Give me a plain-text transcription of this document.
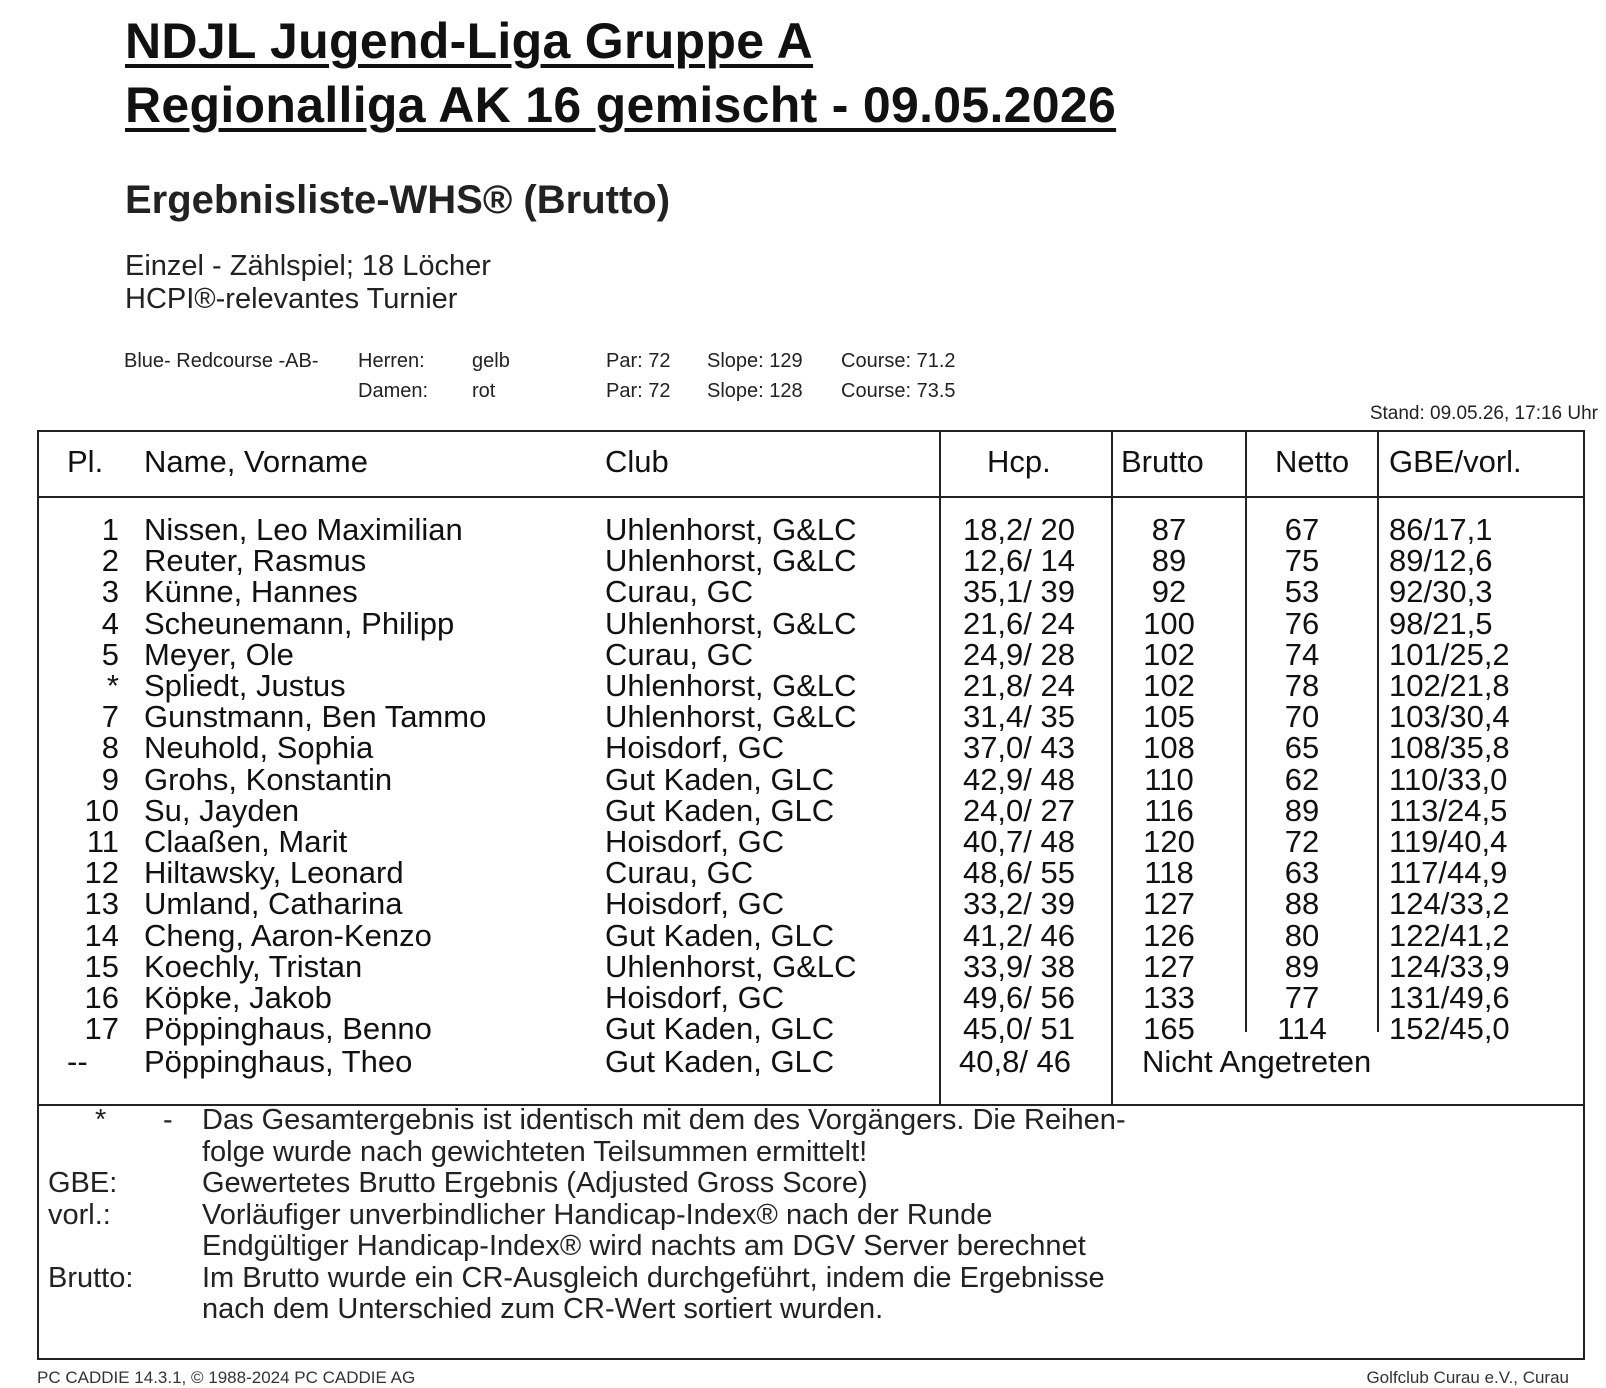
NDJL Jugend-Liga Gruppe A
Regionalliga AK 16 gemischt - 09.05.2026
Ergebnisliste-WHS® (Brutto)
Einzel - Zählspiel; 18 Löcher
HCPI®-relevantes Turnier
Blue- Redcourse -AB- Herren: gelb	Par: 72 Slope: 129 Course: 71.2
Damen: rot	Par: 72 Slope: 128 Course: 73.5
Stand: 09.05.26, 17:16 Uhr
Pl. Name, Vorname	Club	Hcp. Brutto Netto GBE/vorl.
1 Nissen, Leo Maximilian	Uhlenhorst, G&LC	18,2/ 20 87	67 86/17,1
2 Reuter, Rasmus	Uhlenhorst, G&LC	12,6/ 14 89	75 89/12,6
3 Künne, Hannes	Curau, GC	35,1/ 39 92	53 92/30,3
4 Scheunemann, Philipp	Uhlenhorst, G&LC	21,6/ 24 100	76 98/21,5
5 Meyer, Ole	Curau, GC	24,9/ 28 102	74 101/25,2
* Spliedt, Justus	Uhlenhorst, G&LC	21,8/ 24 102	78 102/21,8
7 Gunstmann, Ben Tammo	Uhlenhorst, G&LC	31,4/ 35 105	70 103/30,4
8 Neuhold, Sophia	Hoisdorf, GC	37,0/ 43 108	65 108/35,8
9 Grohs, Konstantin	Gut Kaden, GLC	42,9/ 48 110	62 110/33,0
10 Su, Jayden	Gut Kaden, GLC	24,0/ 27 116	89 113/24,5
11 Claaßen, Marit	Hoisdorf, GC	40,7/ 48 120	72 119/40,4
12 Hiltawsky, Leonard	Curau, GC	48,6/ 55 118	63 117/44,9
13 Umland, Catharina	Hoisdorf, GC	33,2/ 39 127	88 124/33,2
14 Cheng, Aaron-Kenzo	Gut Kaden, GLC	41,2/ 46 126	80 122/41,2
15 Koechly, Tristan	Uhlenhorst, G&LC	33,9/ 38 127	89 124/33,9
16 Köpke, Jakob	Hoisdorf, GC	49,6/ 56 133	77 131/49,6
17 Pöppinghaus, Benno	Gut Kaden, GLC	45,0/ 51 165	114 152/45,0
-- Pöppinghaus, Theo	Gut Kaden, GLC	40,8/ 46 Nicht Angetreten
* - Das Gesamtergebnis ist identisch mit dem des Vorgängers. Die Reihen-
folge wurde nach gewichteten Teilsummen ermittelt!
GBE:	Gewertetes Brutto Ergebnis (Adjusted Gross Score)
vorl.:	Vorläufiger unverbindlicher Handicap-Index® nach der Runde
Endgültiger Handicap-Index® wird nachts am DGV Server berechnet
Brutto: Im Brutto wurde ein CR-Ausgleich durchgeführt, indem die Ergebnisse
nach dem Unterschied zum CR-Wert sortiert wurden.
PC CADDIE 14.3.1, © 1988-2024 PC CADDIE AG	Golfclub Curau e.V., Curau
